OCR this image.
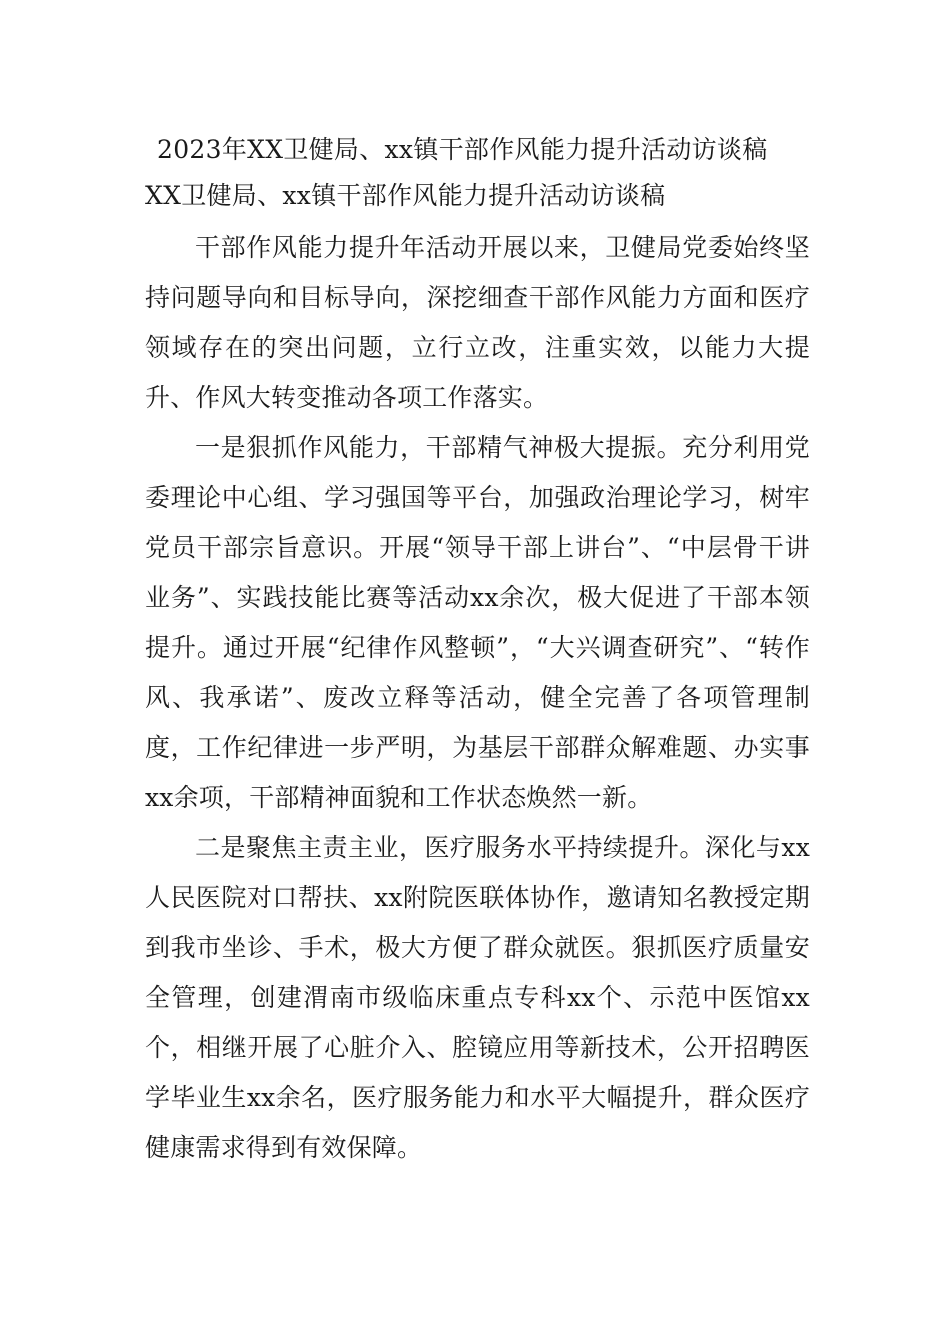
2023年XX卫健局、xx镇干部作风能力提升活动访谈稿
XX卫健局、xx镇干部作风能力提升活动访谈稿

干部作风能力提升年活动开展以来，卫健局党委始终坚持问题导向和目标导向，深挖细查干部作风能力方面和医疗领域存在的突出问题，立行立改，注重实效，以能力大提升、作风大转变推动各项工作落实。

一是狠抓作风能力，干部精气神极大提振。充分利用党委理论中心组、学习强国等平台，加强政治理论学习，树牢党员干部宗旨意识。开展“领导干部上讲台”、“中层骨干讲业务”、实践技能比赛等活动xx余次，极大促进了干部本领提升。通过开展“纪律作风整顿”，“大兴调查研究”、“转作风、我承诺”、废改立释等活动，健全完善了各项管理制度，工作纪律进一步严明，为基层干部群众解难题、办实事xx余项，干部精神面貌和工作状态焕然一新。

二是聚焦主责主业，医疗服务水平持续提升。深化与xx人民医院对口帮扶、xx附院医联体协作，邀请知名教授定期到我市坐诊、手术，极大方便了群众就医。狠抓医疗质量安全管理，创建渭南市级临床重点专科xx个、示范中医馆xx个，相继开展了心脏介入、腔镜应用等新技术，公开招聘医学毕业生xx余名，医疗服务能力和水平大幅提升，群众医疗健康需求得到有效保障。
